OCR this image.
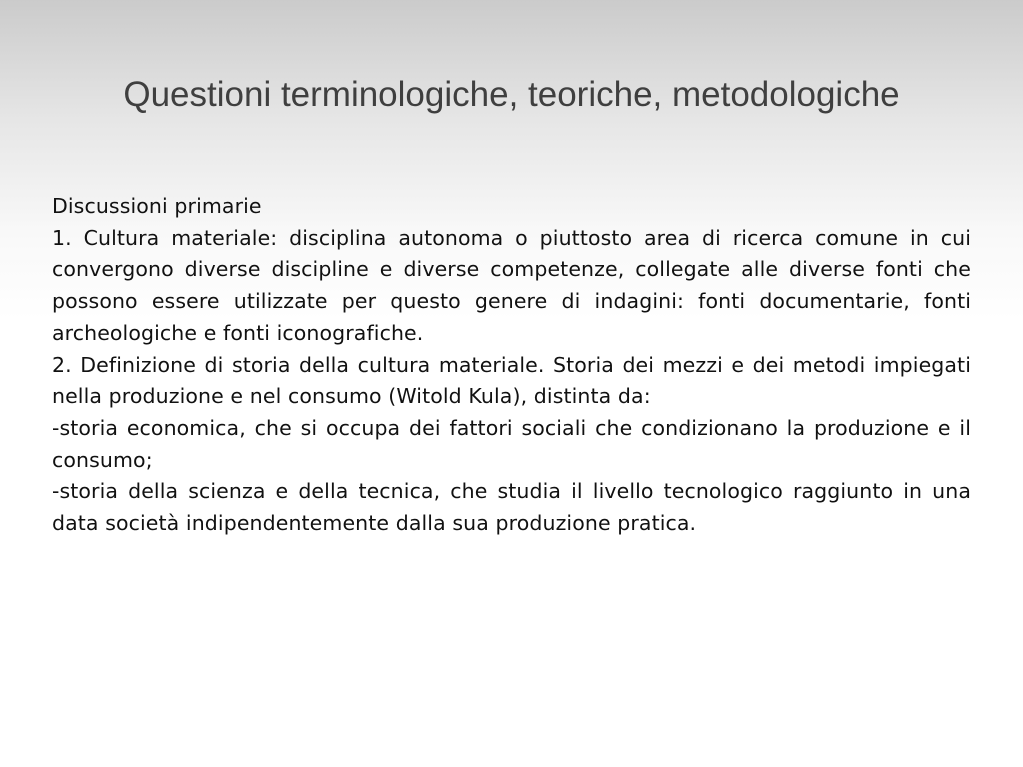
Questioni terminologiche, teoriche, metodologiche

Discussioni primarie

1. Cultura materiale: disciplina autonoma o piuttosto area di ricerca comune in cui convergono diverse discipline e diverse competenze, collegate alle diverse fonti che possono essere utilizzate per questo genere di indagini: fonti documentarie, fonti archeologiche e fonti iconografiche.

2. Definizione di storia della cultura materiale. Storia dei mezzi e dei metodi impiegati nella produzione e nel consumo (Witold Kula), distinta da:

-storia economica, che si occupa dei fattori sociali che condizionano la produzione e il consumo;

-storia della scienza e della tecnica, che studia il livello tecnologico raggiunto in una data società indipendentemente dalla sua produzione pratica.
